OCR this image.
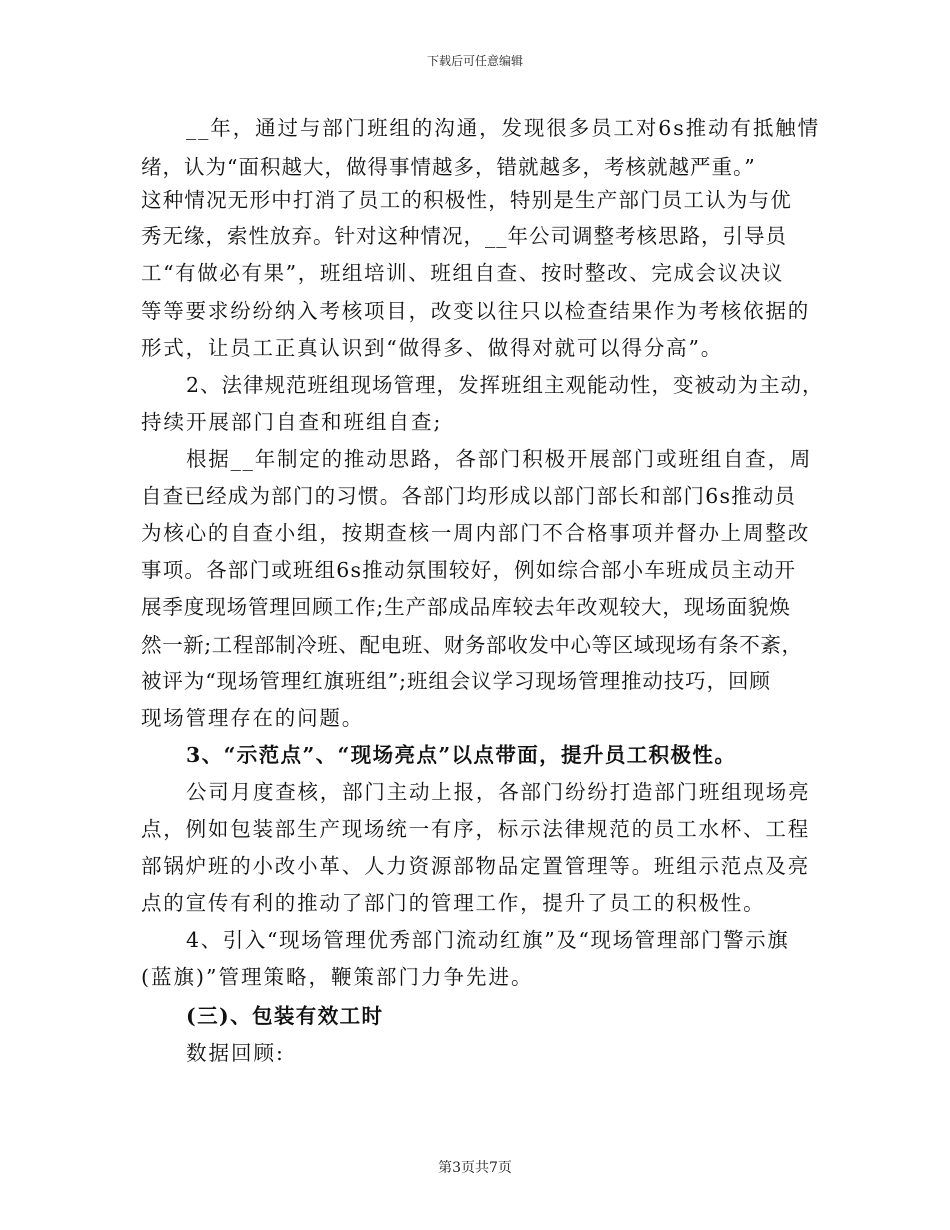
下载后可任意编辑
__年，通过与部门班组的沟通，发现很多员工对6s推动有抵触情
绪，认为“面积越大，做得事情越多，错就越多，考核就越严重。”
这种情况无形中打消了员工的积极性，特别是生产部门员工认为与优
秀无缘，索性放弃。针对这种情况，__年公司调整考核思路，引导员
工“有做必有果”，班组培训、班组自查、按时整改、完成会议决议
等等要求纷纷纳入考核项目，改变以往只以检查结果作为考核依据的
形式，让员工正真认识到“做得多、做得对就可以得分高”。
2、法律规范班组现场管理，发挥班组主观能动性，变被动为主动，
持续开展部门自查和班组自查;
根据__年制定的推动思路，各部门积极开展部门或班组自查，周
自查已经成为部门的习惯。各部门均形成以部门部长和部门6s推动员
为核心的自查小组，按期查核一周内部门不合格事项并督办上周整改
事项。各部门或班组6s推动氛围较好，例如综合部小车班成员主动开
展季度现场管理回顾工作;生产部成品库较去年改观较大，现场面貌焕
然一新;工程部制冷班、配电班、财务部收发中心等区域现场有条不紊，
被评为“现场管理红旗班组”;班组会议学习现场管理推动技巧，回顾
现场管理存在的问题。
3、“示范点”、“现场亮点”以点带面，提升员工积极性。
公司月度查核，部门主动上报，各部门纷纷打造部门班组现场亮
点，例如包装部生产现场统一有序，标示法律规范的员工水杯、工程
部锅炉班的小改小革、人力资源部物品定置管理等。班组示范点及亮
点的宣传有利的推动了部门的管理工作，提升了员工的积极性。
4、引入“现场管理优秀部门流动红旗”及“现场管理部门警示旗
(蓝旗)”管理策略，鞭策部门力争先进。
(三)、包装有效工时
数据回顾:
第3页共7页
